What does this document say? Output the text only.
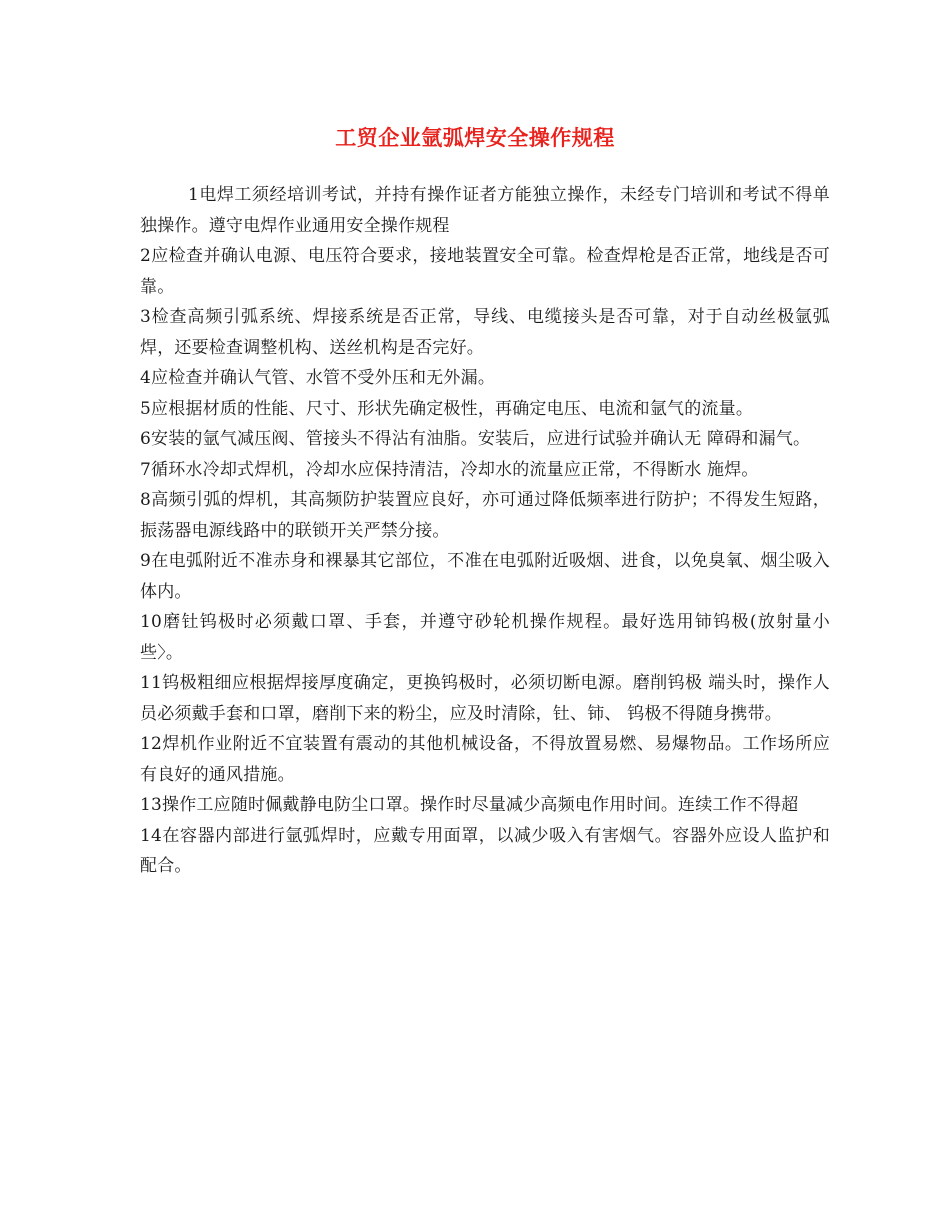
工贸企业氩弧焊安全操作规程

1电焊工须经培训考试，并持有操作证者方能独立操作，未经专门培训和考试不得单独操作。遵守电焊作业通用安全操作规程

2应检查并确认电源、电压符合要求，接地装置安全可靠。检查焊枪是否正常，地线是否可靠。

3检查高频引弧系统、焊接系统是否正常，导线、电缆接头是否可靠，对于自动丝极氩弧焊，还要检查调整机构、送丝机构是否完好。

4应检查并确认气管、水管不受外压和无外漏。

5应根据材质的性能、尺寸、形状先确定极性，再确定电压、电流和氩气的流量。

6安装的氩气减压阀、管接头不得沾有油脂。安装后，应进行试验并确认无 障碍和漏气。

7循环水冷却式焊机，冷却水应保持清洁，冷却水的流量应正常，不得断水 施焊。

8高频引弧的焊机，其高频防护装置应良好，亦可通过降低频率进行防护；不得发生短路，振荡器电源线路中的联锁开关严禁分接。

9在电弧附近不准赤身和裸暴其它部位，不准在电弧附近吸烟、进食，以免臭氧、烟尘吸入体内。

10磨钍钨极时必须戴口罩、手套，并遵守砂轮机操作规程。最好选用铈钨极(放射量小些〉。

11钨极粗细应根据焊接厚度确定，更换钨极时，必须切断电源。磨削钨极 端头时，操作人员必须戴手套和口罩，磨削下来的粉尘，应及时清除，钍、铈、 钨极不得随身携带。

12焊机作业附近不宜装置有震动的其他机械设备，不得放置易燃、易爆物品。工作场所应有良好的通风措施。

13操作工应随时佩戴静电防尘口罩。操作时尽量减少高频电作用时间。连续工作不得超

14在容器内部进行氩弧焊时，应戴专用面罩，以减少吸入有害烟气。容器外应设人监护和配合。
